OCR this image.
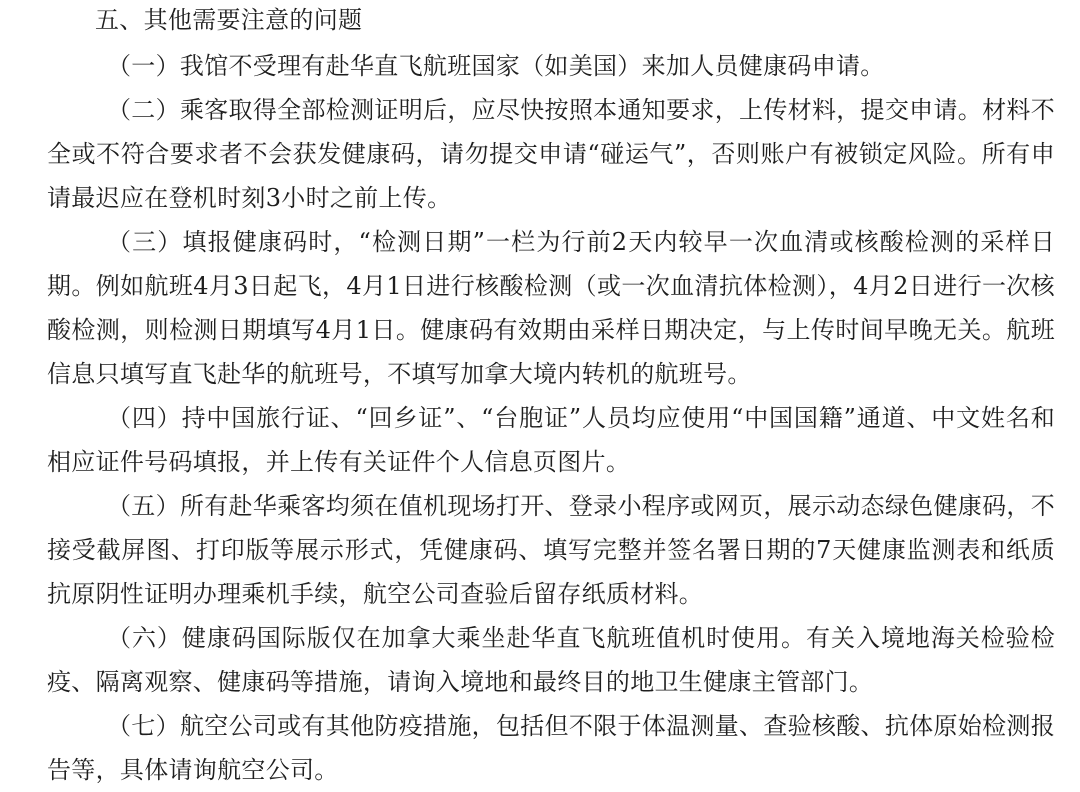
五、其他需要注意的问题

（一）我馆不受理有赴华直飞航班国家（如美国）来加人员健康码申请。

（二）乘客取得全部检测证明后，应尽快按照本通知要求，上传材料，提交申请。材料不全或不符合要求者不会获发健康码，请勿提交申请“碰运气”，否则账户有被锁定风险。所有申请最迟应在登机时刻3小时之前上传。

（三）填报健康码时，“检测日期”一栏为行前2天内较早一次血清或核酸检测的采样日期。例如航班4月3日起飞，4月1日进行核酸检测（或一次血清抗体检测），4月2日进行一次核酸检测，则检测日期填写4月1日。健康码有效期由采样日期决定，与上传时间早晚无关。航班信息只填写直飞赴华的航班号，不填写加拿大境内转机的航班号。

（四）持中国旅行证、“回乡证”、“台胞证”人员均应使用“中国国籍”通道、中文姓名和相应证件号码填报，并上传有关证件个人信息页图片。

（五）所有赴华乘客均须在值机现场打开、登录小程序或网页，展示动态绿色健康码，不接受截屏图、打印版等展示形式，凭健康码、填写完整并签名署日期的7天健康监测表和纸质抗原阴性证明办理乘机手续，航空公司查验后留存纸质材料。

（六）健康码国际版仅在加拿大乘坐赴华直飞航班值机时使用。有关入境地海关检验检疫、隔离观察、健康码等措施，请询入境地和最终目的地卫生健康主管部门。

（七）航空公司或有其他防疫措施，包括但不限于体温测量、查验核酸、抗体原始检测报告等，具体请询航空公司。
